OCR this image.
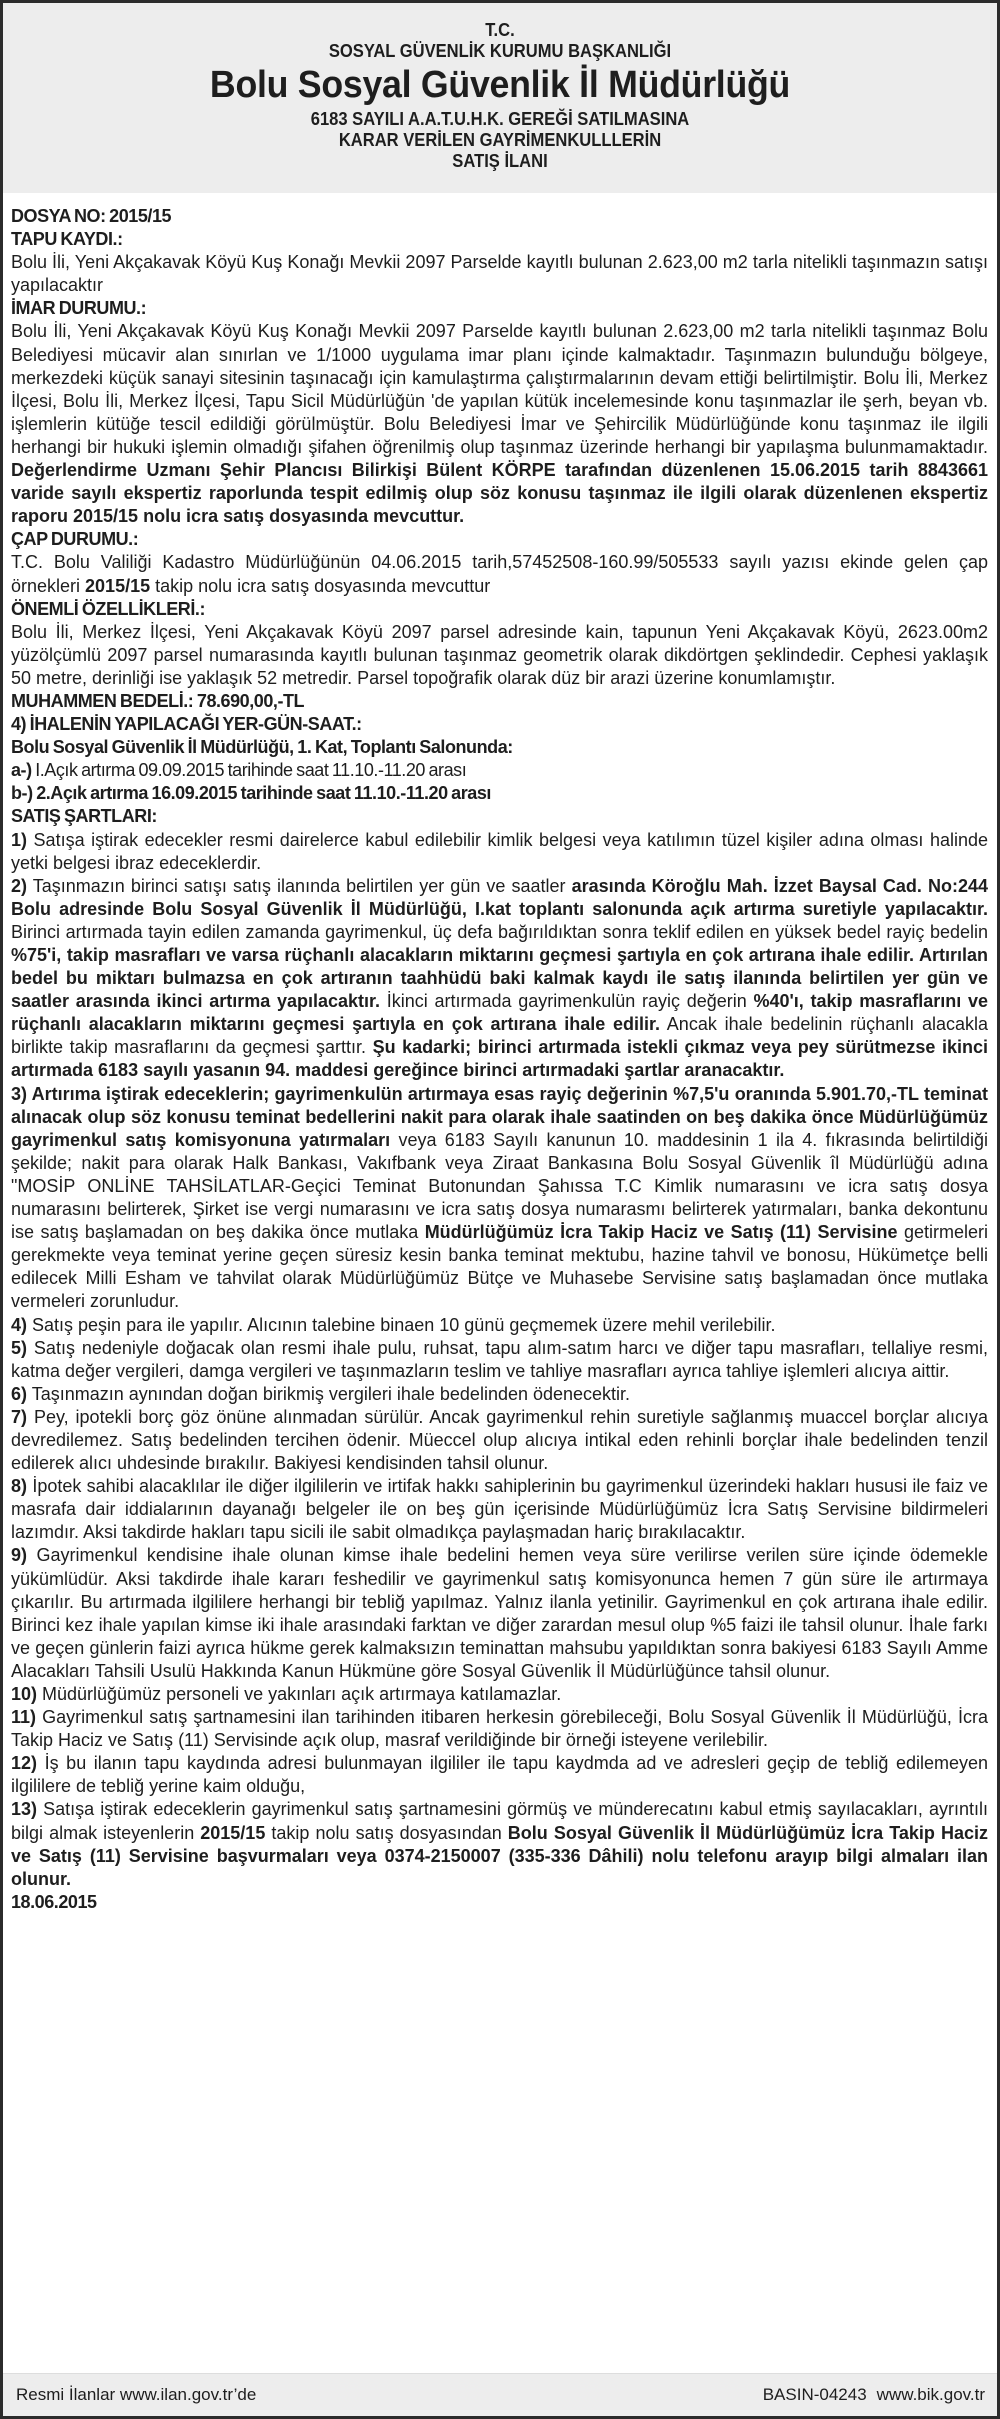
T.C.
SOSYAL GÜVENLİK KURUMU BAŞKANLIĞI
Bolu Sosyal Güvenlik İl Müdürlüğü
6183 SAYILI A.A.T.U.H.K. GEREĞİ SATILMASINA
KARAR VERİLEN GAYRİMENKULLLERİN
SATIŞ İLANI

DOSYA NO: 2015/15

TAPU KAYDI.:

Bolu İli, Yeni Akçakavak Köyü Kuş Konağı Mevkii 2097 Parselde kayıtlı bulunan 2.623,00 m2 tarla nitelikli taşınmazın satışı yapılacaktır

İMAR DURUMU.:

Bolu İli, Yeni Akçakavak Köyü Kuş Konağı Mevkii 2097 Parselde kayıtlı bulunan 2.623,00 m2 tarla nitelikli taşınmaz Bolu Belediyesi mücavir alan sınırlan ve 1/1000 uygulama imar planı içinde kalmaktadır. Taşınmazın bulunduğu bölgeye, merkezdeki küçük sanayi sitesinin taşınacağı için kamulaştırma çalıştırmalarının devam ettiği belirtilmiştir. Bolu İli, Merkez İlçesi, Bolu İli, Merkez İlçesi, Tapu Sicil Müdürlüğün 'de yapılan kütük incelemesinde konu taşınmazlar ile şerh, beyan vb. işlemlerin kütüğe tescil edildiği görülmüştür. Bolu Belediyesi İmar ve Şehircilik Müdürlüğünde konu taşınmaz ile ilgili herhangi bir hukuki işlemin olmadığı şifahen öğrenilmiş olup taşınmaz üzerinde herhangi bir yapılaşma bulunmamaktadır. Değerlendirme Uzmanı Şehir Plancısı Bilirkişi Bülent KÖRPE tarafından düzenlenen 15.06.2015 tarih 8843661 varide sayılı ekspertiz raporlunda tespit edilmiş olup söz konusu taşınmaz ile ilgili olarak düzenlenen ekspertiz raporu 2015/15 nolu icra satış dosyasında mevcuttur.

ÇAP DURUMU.:

T.C. Bolu Valiliği Kadastro Müdürlüğünün 04.06.2015 tarih,57452508-160.99/505533 sayılı yazısı ekinde gelen çap örnekleri 2015/15 takip nolu icra satış dosyasında mevcuttur

ÖNEMLİ ÖZELLİKLERİ.:

Bolu İli, Merkez İlçesi, Yeni Akçakavak Köyü 2097 parsel adresinde kain, tapunun Yeni Akçakavak Köyü, 2623.00m2 yüzölçümlü 2097 parsel numarasında kayıtlı bulunan taşınmaz geometrik olarak dikdörtgen şeklindedir. Cephesi yaklaşık 50 metre, derinliği ise yaklaşık 52 metredir. Parsel topoğrafik olarak düz bir arazi üzerine konumlamıştır.

MUHAMMEN BEDELİ.: 78.690,00,-TL

4) İHALENİN YAPILACAĞI YER-GÜN-SAAT.:

Bolu Sosyal Güvenlik İl Müdürlüğü, 1. Kat, Toplantı Salonunda:

a-) I.Açık artırma 09.09.2015 tarihinde saat 11.10.-11.20 arası

b-) 2.Açık artırma 16.09.2015 tarihinde saat 11.10.-11.20 arası

SATIŞ ŞARTLARI:

1) Satışa iştirak edecekler resmi dairelerce kabul edilebilir kimlik belgesi veya katılımın tüzel kişiler adına olması halinde yetki belgesi ibraz edeceklerdir.

2) Taşınmazın birinci satışı satış ilanında belirtilen yer gün ve saatler arasında Köroğlu Mah. İzzet Baysal Cad. No:244 Bolu adresinde Bolu Sosyal Güvenlik İl Müdürlüğü, I.kat toplantı salonunda açık artırma suretiyle yapılacaktır. Birinci artırmada tayin edilen zamanda gayrimenkul, üç defa bağırıldıktan sonra teklif edilen en yüksek bedel rayiç bedelin %75'i, takip masrafları ve varsa rüçhanlı alacakların miktarını geçmesi şartıyla en çok artırana ihale edilir. Artırılan bedel bu miktarı bulmazsa en çok artıranın taahhüdü baki kalmak kaydı ile satış ilanında belirtilen yer gün ve saatler arasında ikinci artırma yapılacaktır. İkinci artırmada gayrimenkulün rayiç değerin %40'ı, takip masraflarını ve rüçhanlı alacakların miktarını geçmesi şartıyla en çok artırana ihale edilir. Ancak ihale bedelinin rüçhanlı alacakla birlikte takip masraflarını da geçmesi şarttır. Şu kadarki; birinci artırmada istekli çıkmaz veya pey sürütmezse ikinci artırmada 6183 sayılı yasanın 94. maddesi gereğince birinci artırmadaki şartlar aranacaktır.

3) Artırıma iştirak edeceklerin; gayrimenkulün artırmaya esas rayiç değerinin %7,5'u oranında 5.901.70,-TL teminat alınacak olup söz konusu teminat bedellerini nakit para olarak ihale saatinden on beş dakika önce Müdürlüğümüz gayrimenkul satış komisyonuna yatırmaları veya 6183 Sayılı kanunun 10. maddesinin 1 ila 4. fıkrasında belirtildiği şekilde; nakit para olarak Halk Bankası, Vakıfbank veya Ziraat Bankasına Bolu Sosyal Güvenlik îl Müdürlüğü adına "MOSİP ONLİNE TAHSİLATLAR-Geçici Teminat Butonundan Şahıssa T.C Kimlik numarasını ve icra satış dosya numarasını belirterek, Şirket ise vergi numarasını ve icra satış dosya numarasmı belirterek yatırmaları, banka dekontunu ise satış başlamadan on beş dakika önce mutlaka Müdürlüğümüz İcra Takip Haciz ve Satış (11) Servisine getirmeleri gerekmekte veya teminat yerine geçen süresiz kesin banka teminat mektubu, hazine tahvil ve bonosu, Hükümetçe belli edilecek Milli Esham ve tahvilat olarak Müdürlüğümüz Bütçe ve Muhasebe Servisine satış başlamadan önce mutlaka vermeleri zorunludur.

4) Satış peşin para ile yapılır. Alıcının talebine binaen 10 günü geçmemek üzere mehil verilebilir.

5) Satış nedeniyle doğacak olan resmi ihale pulu, ruhsat, tapu alım-satım harcı ve diğer tapu masrafları, tellaliye resmi, katma değer vergileri, damga vergileri ve taşınmazların teslim ve tahliye masrafları ayrıca tahliye işlemleri alıcıya aittir.

6) Taşınmazın aynından doğan birikmiş vergileri ihale bedelinden ödenecektir.

7) Pey, ipotekli borç göz önüne alınmadan sürülür. Ancak gayrimenkul rehin suretiyle sağlanmış muaccel borçlar alıcıya devredilemez. Satış bedelinden tercihen ödenir. Müeccel olup alıcıya intikal eden rehinli borçlar ihale bedelinden tenzil edilerek alıcı uhdesinde bırakılır. Bakiyesi kendisinden tahsil olunur.

8) İpotek sahibi alacaklılar ile diğer ilgililerin ve irtifak hakkı sahiplerinin bu gayrimenkul üzerindeki hakları hususi ile faiz ve masrafa dair iddialarının dayanağı belgeler ile on beş gün içerisinde Müdürlüğümüz İcra Satış Servisine bildirmeleri lazımdır. Aksi takdirde hakları tapu sicili ile sabit olmadıkça paylaşmadan hariç bırakılacaktır.

9) Gayrimenkul kendisine ihale olunan kimse ihale bedelini hemen veya süre verilirse verilen süre içinde ödemekle yükümlüdür. Aksi takdirde ihale kararı feshedilir ve gayrimenkul satış komisyonunca hemen 7 gün süre ile artırmaya çıkarılır. Bu artırmada ilgililere herhangi bir tebliğ yapılmaz. Yalnız ilanla yetinilir. Gayrimenkul en çok artırana ihale edilir. Birinci kez ihale yapılan kimse iki ihale arasındaki farktan ve diğer zarardan mesul olup %5 faizi ile tahsil olunur. İhale farkı ve geçen günlerin faizi ayrıca hükme gerek kalmaksızın teminattan mahsubu yapıldıktan sonra bakiyesi 6183 Sayılı Amme Alacakları Tahsili Usulü Hakkında Kanun Hükmüne göre Sosyal Güvenlik İl Müdürlüğünce tahsil olunur.

10) Müdürlüğümüz personeli ve yakınları açık artırmaya katılamazlar.

11) Gayrimenkul satış şartnamesini ilan tarihinden itibaren herkesin görebileceği, Bolu Sosyal Güvenlik İl Müdürlüğü, İcra Takip Haciz ve Satış (11) Servisinde açık olup, masraf verildiğinde bir örneği isteyene verilebilir.

12) İş bu ilanın tapu kaydında adresi bulunmayan ilgililer ile tapu kaydmda ad ve adresleri geçip de tebliğ edilemeyen ilgililere de tebliğ yerine kaim olduğu,

13) Satışa iştirak edeceklerin gayrimenkul satış şartnamesini görmüş ve münderecatını kabul etmiş sayılacakları, ayrıntılı bilgi almak isteyenlerin 2015/15 takip nolu satış dosyasından Bolu Sosyal Güvenlik İl Müdürlüğümüz İcra Takip Haciz ve Satış (11) Servisine başvurmaları veya 0374-2150007 (335-336 Dâhili) nolu telefonu arayıp bilgi almaları ilan olunur.

18.06.2015

Resmi İlanlar www.ilan.gov.tr’de	BASIN-04243 www.bik.gov.tr
